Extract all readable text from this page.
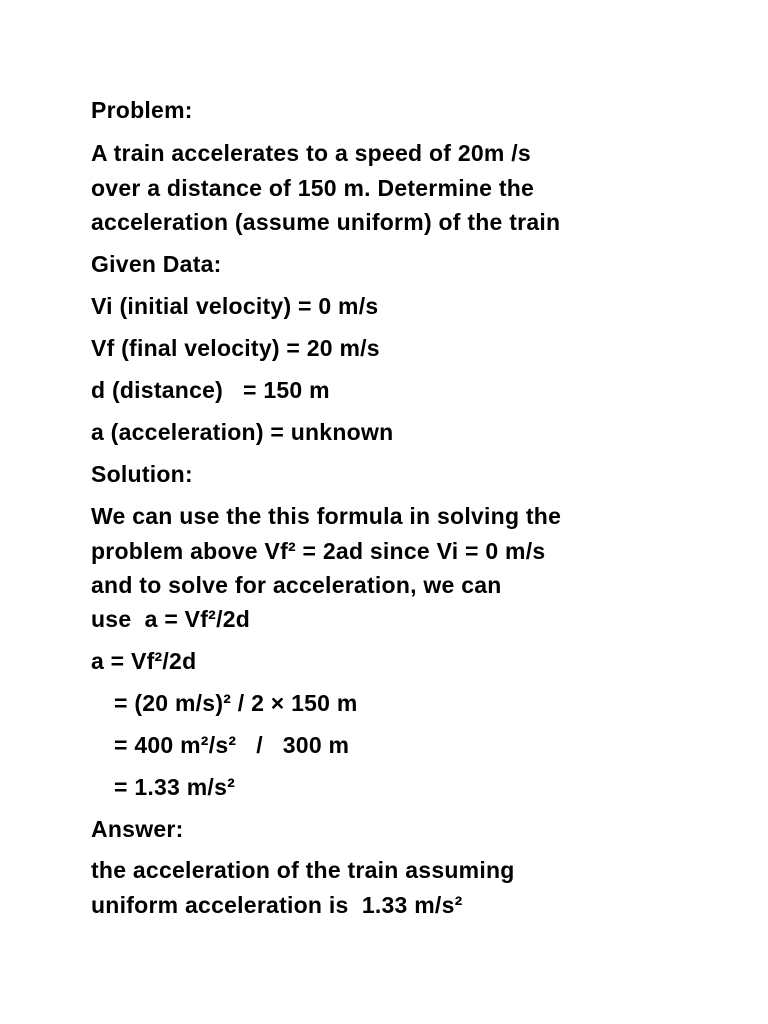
Problem:

A train accelerates to a speed of 20m /s

over a distance of 150 m. Determine the

acceleration (assume uniform) of the train

Given Data:

Vi (initial velocity) = 0 m/s

Vf (final velocity) = 20 m/s

d (distance)   = 150 m

a (acceleration) = unknown

Solution:

We can use the this formula in solving the

problem above Vf² = 2ad since Vi = 0 m/s

and to solve for acceleration, we can

use  a = Vf²/2d

a = Vf²/2d

= (20 m/s)² / 2 × 150 m

= 400 m²/s²   /   300 m

= 1.33 m/s²

Answer:

the acceleration of the train assuming

uniform acceleration is  1.33 m/s²
